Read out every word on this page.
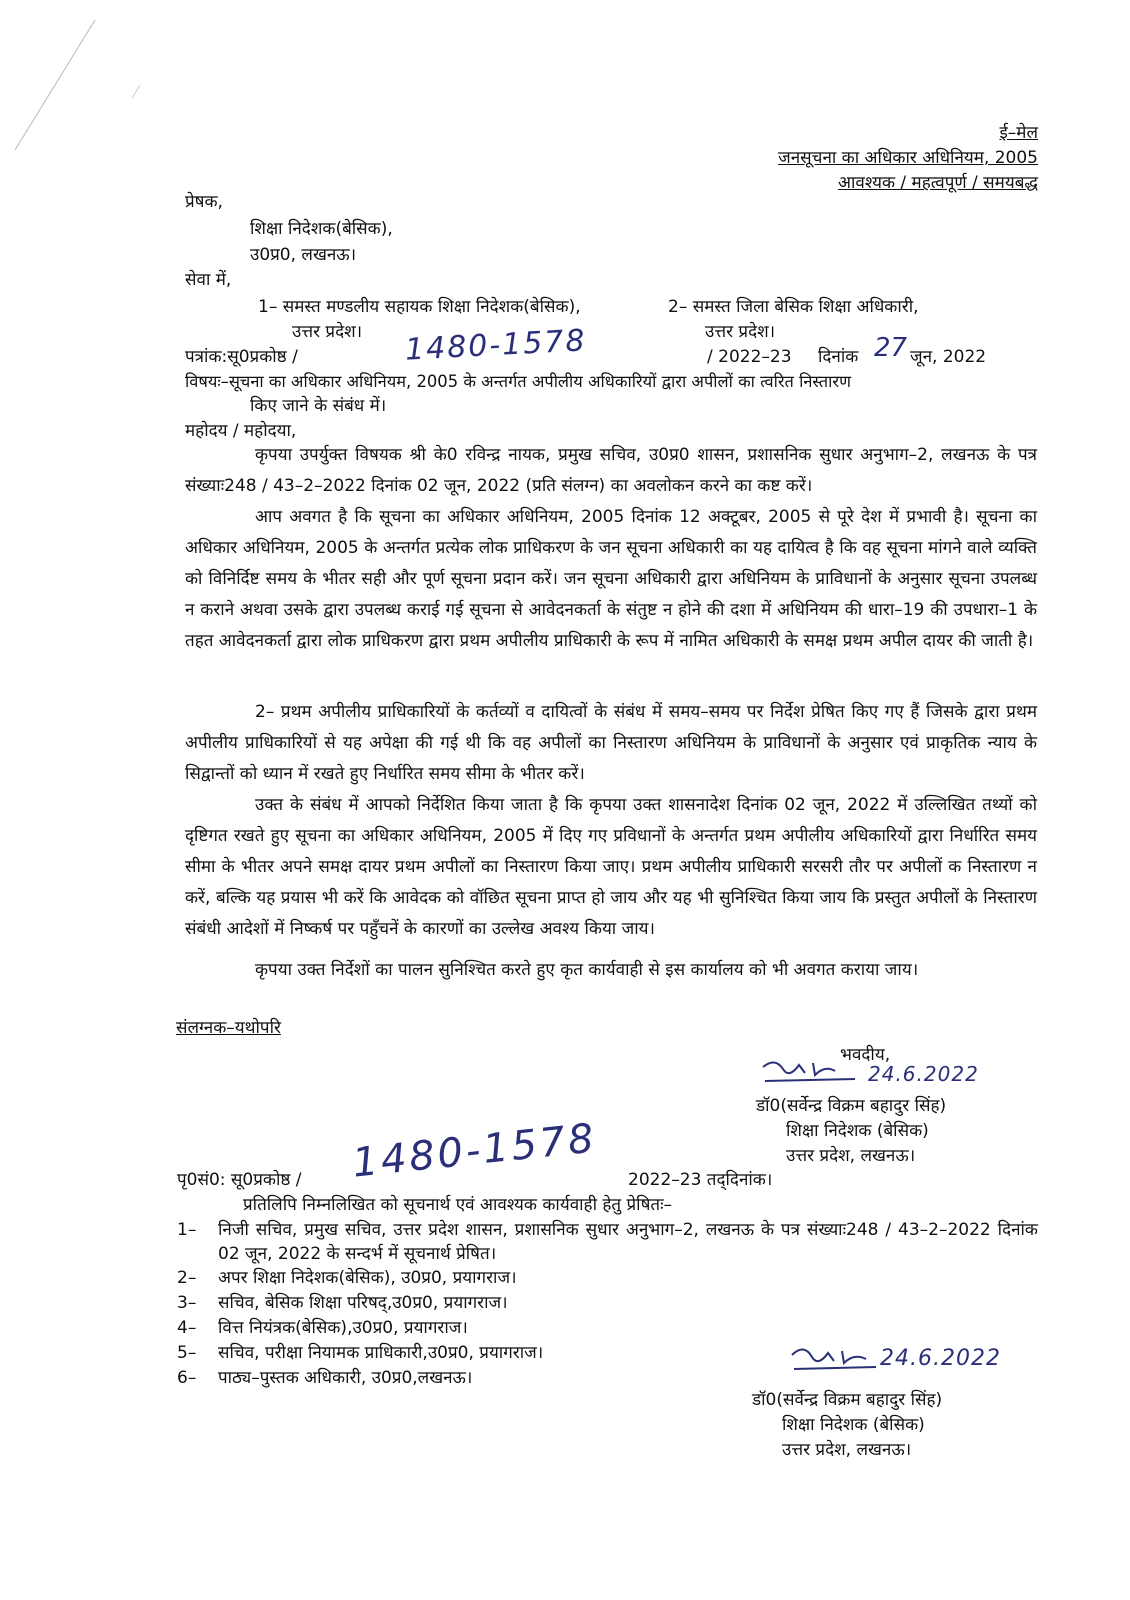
ई–मेल
जनसूचना का अधिकार अधिनियम, 2005
आवश्यक / महत्वपूर्ण / समयबद्ध
प्रेषक,
शिक्षा निदेशक(बेसिक),
उ0प्र0, लखनऊ।
सेवा में,
1– समस्त मण्डलीय सहायक शिक्षा निदेशक(बेसिक),
उत्तर प्रदेश।
2– समस्त जिला बेसिक शिक्षा अधिकारी,
उत्तर प्रदेश।
पत्रांक:सू0प्रकोष्ठ /	1480-1578	/ 2022–23 दिनांक 27 जून, 2022
विषयः–सूचना का अधिकार अधिनियम, 2005 के अन्तर्गत अपीलीय अधिकारियों द्वारा अपीलों का त्वरित निस्तारण
किए जाने के संबंध में।
महोदय / महोदया,
कृपया उपर्युक्त विषयक श्री के0 रविन्द्र नायक, प्रमुख सचिव, उ0प्र0 शासन, प्रशासनिक सुधार अनुभाग–2, लखनऊ के पत्र संख्याः248 / 43–2–2022 दिनांक 02 जून, 2022 (प्रति संलग्न) का अवलोकन करने का कष्ट करें।
आप अवगत है कि सूचना का अधिकार अधिनियम, 2005 दिनांक 12 अक्टूबर, 2005 से पूरे देश में प्रभावी है। सूचना का अधिकार अधिनियम, 2005 के अन्तर्गत प्रत्येक लोक प्राधिकरण के जन सूचना अधिकारी का यह दायित्व है कि वह सूचना मांगने वाले व्यक्ति को विनिर्दिष्ट समय के भीतर सही और पूर्ण सूचना प्रदान करें। जन सूचना अधिकारी द्वारा अधिनियम के प्राविधानों के अनुसार सूचना उपलब्ध न कराने अथवा उसके द्वारा उपलब्ध कराई गई सूचना से आवेदनकर्ता के संतुष्ट न होने की दशा में अधिनियम की धारा–19 की उपधारा–1 के तहत आवेदनकर्ता द्वारा लोक प्राधिकरण द्वारा प्रथम अपीलीय प्राधिकारी के रूप में नामित अधिकारी के समक्ष प्रथम अपील दायर की जाती है।
2– प्रथम अपीलीय प्राधिकारियों के कर्तव्यों व दायित्वों के संबंध में समय–समय पर निर्देश प्रेषित किए गए हैं जिसके द्वारा प्रथम अपीलीय प्राधिकारियों से यह अपेक्षा की गई थी कि वह अपीलों का निस्तारण अधिनियम के प्राविधानों के अनुसार एवं प्राकृतिक न्याय के सिद्वान्तों को ध्यान में रखते हुए निर्धारित समय सीमा के भीतर करें।
उक्त के संबंध में आपको निर्देशित किया जाता है कि कृपया उक्त शासनादेश दिनांक 02 जून, 2022 में उल्लिखित तथ्यों को दृष्टिगत रखते हुए सूचना का अधिकार अधिनियम, 2005 में दिए गए प्रविधानों के अन्तर्गत प्रथम अपीलीय अधिकारियों द्वारा निर्धारित समय सीमा के भीतर अपने समक्ष दायर प्रथम अपीलों का निस्तारण किया जाए। प्रथम अपीलीय प्राधिकारी सरसरी तौर पर अपीलों क निस्तारण न करें, बल्कि यह प्रयास भी करें कि आवेदक को वॉछित सूचना प्राप्त हो जाय और यह भी सुनिश्चित किया जाय कि प्रस्तुत अपीलों के निस्तारण संबंधी आदेशों में निष्कर्ष पर पहुँचनें के कारणों का उल्लेख अवश्य किया जाय।
कृपया उक्त निर्देशों का पालन सुनिश्चित करते हुए कृत कार्यवाही से इस कार्यालय को भी अवगत कराया जाय।
संलग्नक–यथोपरि
भवदीय,
24.6.2022
डॉ0(सर्वेन्द्र विक्रम बहादुर सिंह)
शिक्षा निदेशक (बेसिक)
उत्तर प्रदेश, लखनऊ।
पृ0सं0: सू0प्रकोष्ठ / 1480-1578 2022–23 तद्‌दिनांक।
प्रतिलिपि निम्नलिखित को सूचनार्थ एवं आवश्यक कार्यवाही हेतु प्रेषितः–
1– निजी सचिव, प्रमुख सचिव, उत्तर प्रदेश शासन, प्रशासनिक सुधार अनुभाग–2, लखनऊ के पत्र संख्याः248 / 43–2–2022 दिनांक 02 जून, 2022 के सन्दर्भ में सूचनार्थ प्रेषित।
2– अपर शिक्षा निदेशक(बेसिक), उ0प्र0, प्रयागराज।
3– सचिव, बेसिक शिक्षा परिषद्,उ0प्र0, प्रयागराज।
4– वित्त नियंत्रक(बेसिक),उ0प्र0, प्रयागराज।
5– सचिव, परीक्षा नियामक प्राधिकारी,उ0प्र0, प्रयागराज।
6– पाठ्य–पुस्तक अधिकारी, उ0प्र0,लखनऊ।
24.6.2022
डॉ0(सर्वेन्द्र विक्रम बहादुर सिंह)
शिक्षा निदेशक (बेसिक)
उत्तर प्रदेश, लखनऊ।
